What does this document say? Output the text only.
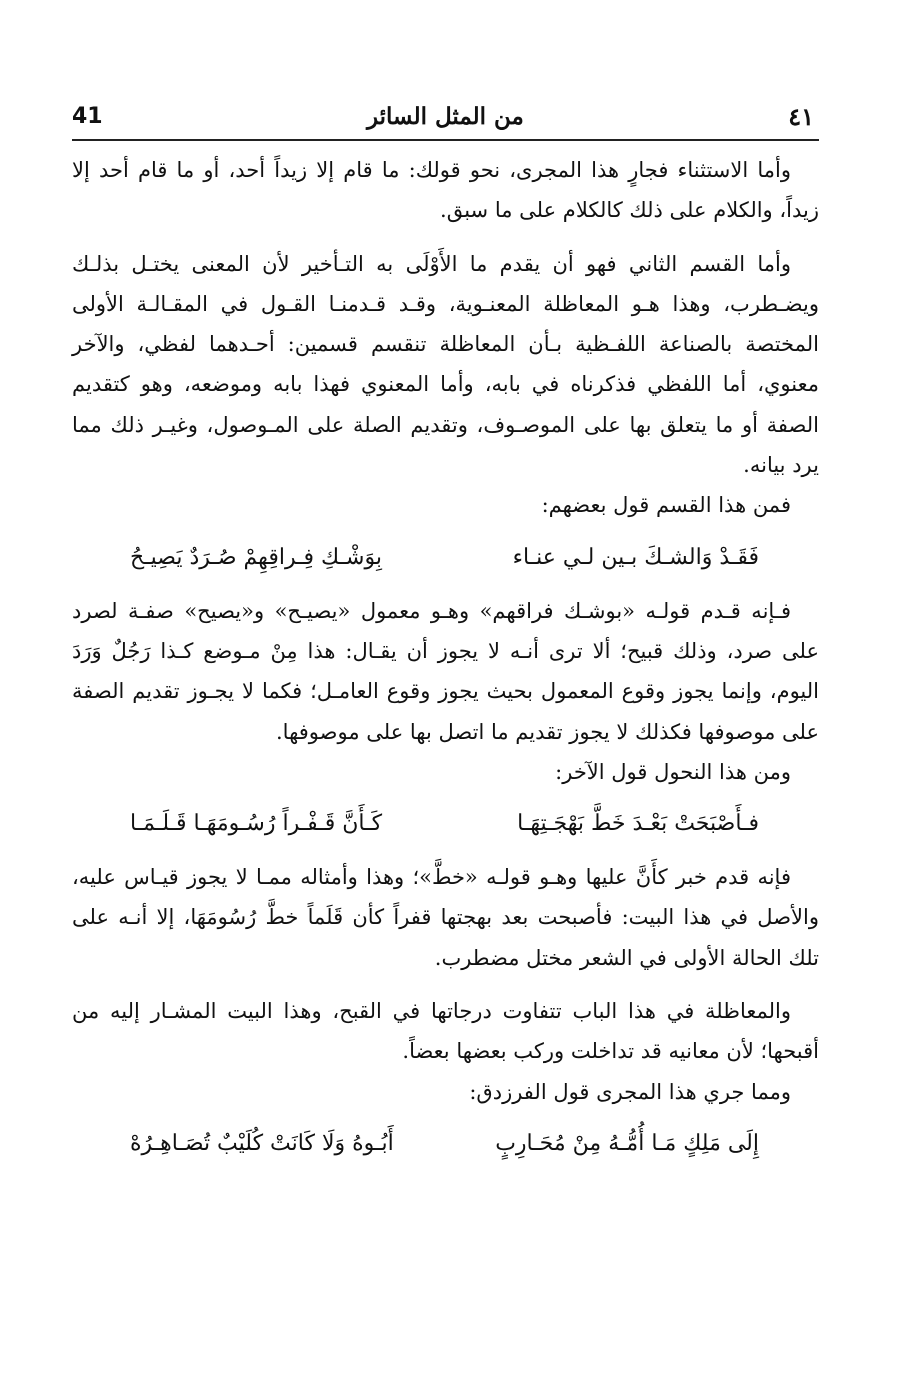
41	من المثل السائر	٤١

وأما الاستثناء فجارٍ هذا المجرى، نحو قولك: ما قام إلا زيداً أحد، أو ما قام أحد إلا زيداً، والكلام على ذلك كالكلام على ما سبق.

وأما القسم الثاني فهو أن يقدم ما الأَوْلَى به التـأخير لأن المعنى يختـل بذلـك ويضـطرب، وهذا هـو المعاظلة المعنـوية، وقـد قـدمنـا القـول في المقـالـة الأولى المختصة بالصناعة اللفـظية بـأن المعاظلة تنقسم قسمين: أحـدهما لفظي، والآخر معنوي، أما اللفظي فذكرناه في بابه، وأما المعنوي فهذا بابه وموضعه، وهو كتقديم الصفة أو ما يتعلق بها على الموصـوف، وتقديم الصلة على المـوصول، وغيـر ذلك مما يرد بيانه.

فمن هذا القسم قول بعضهم:

فَقَـدْ وَالشـكَ بـين لـي عنـاء
بِوَشْـكِ فِـراقِهِمْ صُـرَدٌ يَصِيـحُ

فـإنه قـدم قولـه «بوشـك فراقهم» وهـو معمول «يصيـح» و«يصيح» صفـة لصرد على صرد، وذلك قبيح؛ ألا ترى أنـه لا يجوز أن يقـال: هذا مِنْ مـوضع كـذا رَجُلٌ وَرَدَ اليوم، وإنما يجوز وقوع المعمول بحيث يجوز وقوع العامـل؛ فكما لا يجـوز تقديم الصفة على موصوفها فكذلك لا يجوز تقديم ما اتصل بها على موصوفها.

ومن هذا النحول قول الآخر:

فـأَصْبَحَتْ بَعْـدَ خَطَّ بَهْجَـتِهَـا
كَـأَنَّ قَـفْـراً رُسُـومَهَـا قَـلَـمَـا

فإنه قدم خبر كأَنَّ عليها وهـو قولـه «خطَّ»؛ وهذا وأمثاله ممـا لا يجوز قيـاس عليه، والأصل في هذا البيت: فأصبحت بعد بهجتها قفراً كأن قَلَماً خطَّ رُسُومَهَا، إلا أنـه على تلك الحالة الأولى في الشعر مختل مضطرب.

والمعاظلة في هذا الباب تتفاوت درجاتها في القبح، وهذا البيت المشـار إليه من أقبحها؛ لأن معانيه قد تداخلت وركب بعضها بعضاً.

ومما جري هذا المجرى قول الفرزدق:

إِلَى مَلِكٍ مَـا أُمُّـهُ مِنْ مُحَـارِبٍ
أَبُـوهُ وَلَا كَانَتْ كُلَيْبٌ تُصَـاهِـرُهْ
